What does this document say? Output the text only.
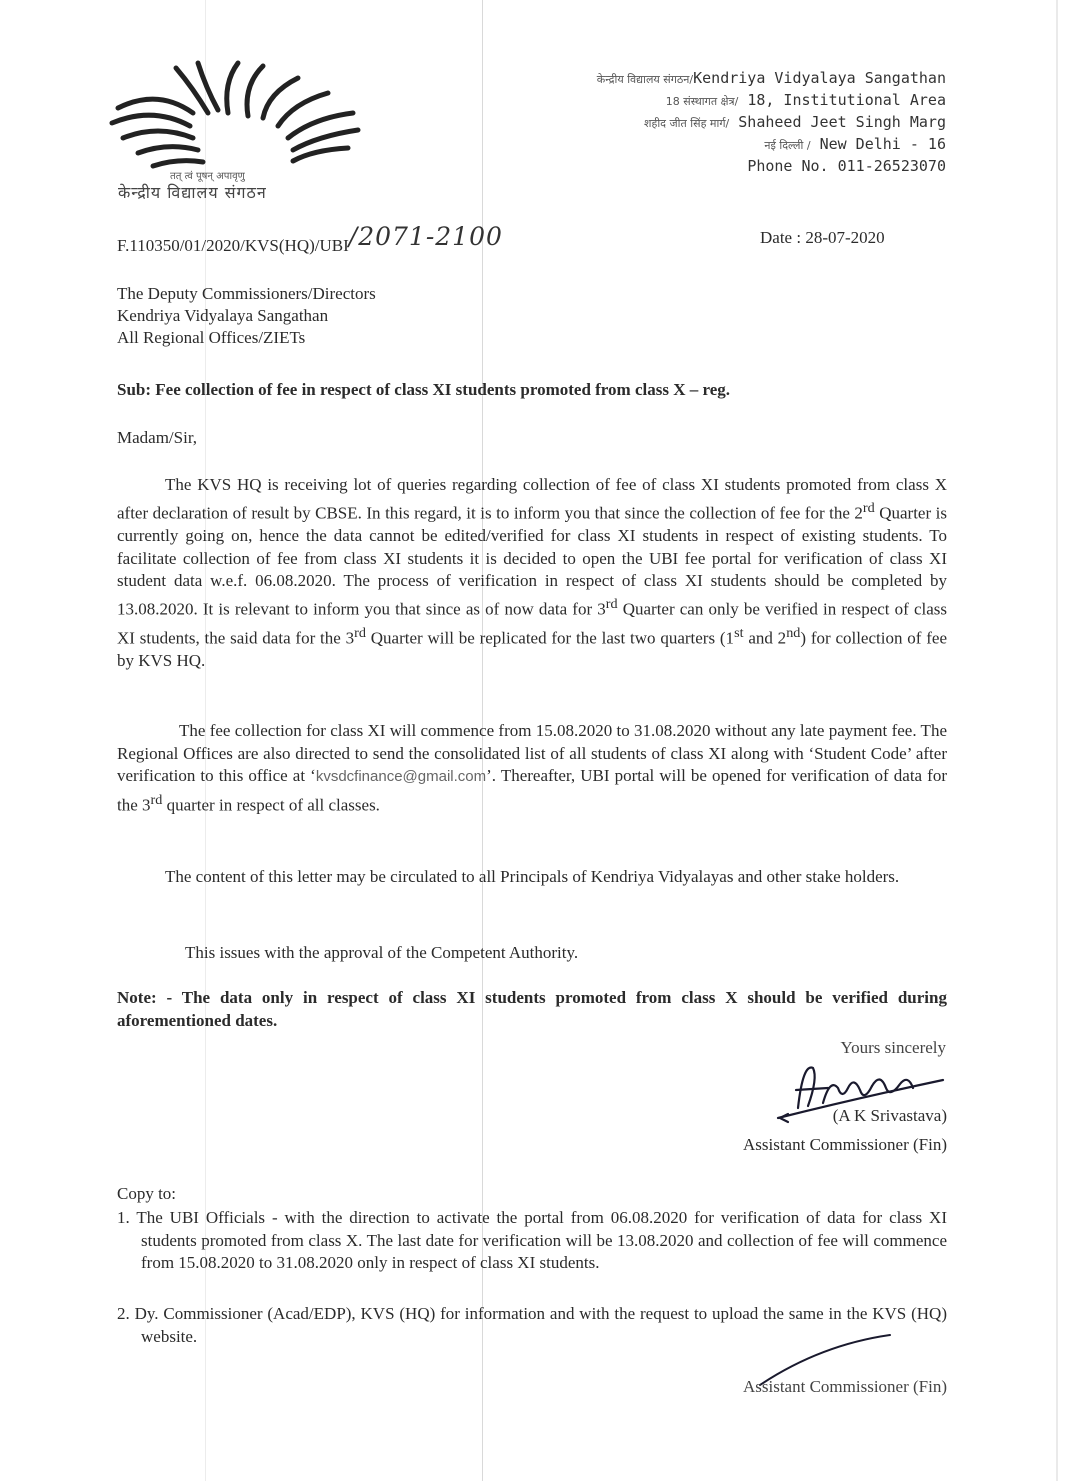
तत् त्वं पूषन् अपावृणु
केन्द्रीय विद्यालय संगठन
केन्द्रीय विद्यालय संगठन/Kendriya Vidyalaya Sangathan
18 संस्थागत क्षेत्र/ 18, Institutional Area
शहीद जीत सिंह मार्ग/ Shaheed Jeet Singh Marg
नई दिल्ली / New Delhi - 16
Phone No. 011-26523070
F.110350/01/2020/KVS(HQ)/UBI/2071-2100	Date : 28-07-2020
The Deputy Commissioners/Directors
Kendriya Vidyalaya Sangathan
All Regional Offices/ZIETs
Sub: Fee collection of fee in respect of class XI students promoted from class X – reg.
Madam/Sir,
The KVS HQ is receiving lot of queries regarding collection of fee of class XI students promoted from class X after declaration of result by CBSE. In this regard, it is to inform you that since the collection of fee for the 2rd Quarter is currently going on, hence the data cannot be edited/verified for class XI students in respect of existing students. To facilitate collection of fee from class XI students it is decided to open the UBI fee portal for verification of class XI student data w.e.f. 06.08.2020. The process of verification in respect of class XI students should be completed by 13.08.2020. It is relevant to inform you that since as of now data for 3rd Quarter can only be verified in respect of class XI students, the said data for the 3rd Quarter will be replicated for the last two quarters (1st and 2nd) for collection of fee by KVS HQ.
The fee collection for class XI will commence from 15.08.2020 to 31.08.2020 without any late payment fee. The Regional Offices are also directed to send the consolidated list of all students of class XI along with ‘Student Code’ after verification to this office at ‘kvsdcfinance@gmail.com’. Thereafter, UBI portal will be opened for verification of data for the 3rd quarter in respect of all classes.
The content of this letter may be circulated to all Principals of Kendriya Vidyalayas and other stake holders.
This issues with the approval of the Competent Authority.
Note: - The data only in respect of class XI students promoted from class X should be verified during aforementioned dates.
Yours sincerely
(A K Srivastava)
Assistant Commissioner (Fin)
Copy to:
1. The UBI Officials - with the direction to activate the portal from 06.08.2020 for verification of data for class XI students promoted from class X. The last date for verification will be 13.08.2020 and collection of fee will commence from 15.08.2020 to 31.08.2020 only in respect of class XI students.
2. Dy. Commissioner (Acad/EDP), KVS (HQ) for information and with the request to upload the same in the KVS (HQ) website.
Assistant Commissioner (Fin)
